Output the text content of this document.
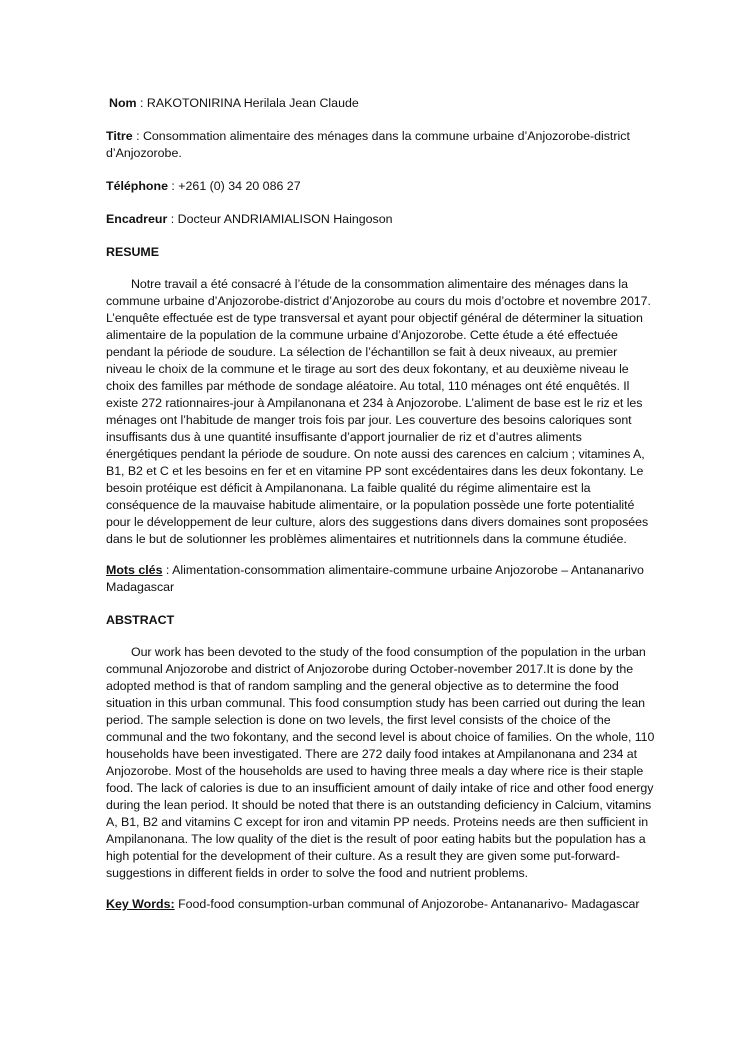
Nom : RAKOTONIRINA Herilala Jean Claude
Titre : Consommation alimentaire des ménages dans la commune urbaine d’Anjozorobe-district d’Anjozorobe.
Téléphone : +261 (0) 34 20 086 27
Encadreur : Docteur ANDRIAMIALISON Haingoson
RESUME

Notre travail a été consacré à l’étude de la consommation alimentaire des ménages dans la commune urbaine d’Anjozorobe-district d’Anjozorobe au cours du mois d’octobre et novembre 2017. L’enquête effectuée est de type transversal et ayant pour objectif général de déterminer la situation alimentaire de la population de la commune urbaine d’Anjozorobe. Cette étude a été effectuée pendant la période de soudure. La sélection de l’échantillon se fait à deux niveaux, au premier niveau le choix de la commune et le tirage au sort des deux fokontany, et au deuxième niveau le choix des familles par méthode de sondage aléatoire. Au total, 110 ménages ont été enquêtés. Il existe 272 rationnaires-jour à Ampilanonana et 234 à Anjozorobe. L’aliment de base est le riz et les ménages ont l’habitude de manger trois fois par jour. Les couverture des besoins caloriques sont insuffisants dus à une quantité insuffisante d’apport journalier de riz et d’autres aliments énergétiques pendant la période de soudure. On note aussi des carences en calcium ; vitamines A, B1, B2 et C et les besoins en fer et en vitamine PP sont excédentaires dans les deux fokontany. Le besoin protéique est déficit à Ampilanonana. La faible qualité du régime alimentaire est la conséquence de la mauvaise habitude alimentaire, or la population possède une forte potentialité pour le développement de leur culture, alors des suggestions dans divers domaines sont proposées dans le but de solutionner les problèmes alimentaires et nutritionnels dans la commune étudiée.

Mots clés : Alimentation-consommation alimentaire-commune urbaine Anjozorobe – Antananarivo Madagascar
ABSTRACT

Our work has been devoted to the study of the food consumption of the population in the urban communal Anjozorobe and district of Anjozorobe during October-november 2017.It is done by the adopted method is that of random sampling and the general objective as to determine the food situation in this urban communal. This food consumption study has been carried out during the lean period. The sample selection is done on two levels, the first level consists of the choice of the communal and the two fokontany, and the second level is about choice of families. On the whole, 110 households have been investigated. There are 272 daily food intakes at Ampilanonana and 234 at Anjozorobe. Most of the households are used to having three meals a day where rice is their staple food. The lack of calories is due to an insufficient amount of daily intake of rice and other food energy during the lean period. It should be noted that there is an outstanding deficiency in Calcium, vitamins A, B1, B2 and vitamins C except for iron and vitamin PP needs. Proteins needs are then sufficient in Ampilanonana. The low quality of the diet is the result of poor eating habits but the population has a high potential for the development of their culture. As a result they are given some put-forward-suggestions in different fields in order to solve the food and nutrient problems.

Key Words: Food-food consumption-urban communal of Anjozorobe- Antananarivo- Madagascar
